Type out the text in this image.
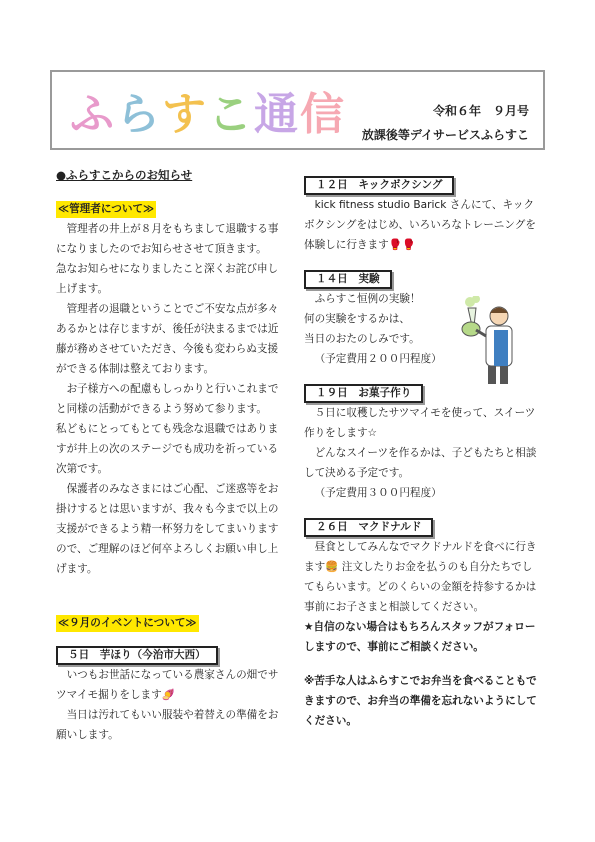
ふらすこ通信	令和６年　９月号
放課後等デイサービスふらすこ
●ふらすこからのお知らせ
≪管理者について≫

管理者の井上が８月をもちまして退職する事になりましたのでお知らせさせて頂きます。

急なお知らせになりましたこと深くお詫び申し上げます。

管理者の退職ということでご不安な点が多々あるかとは存じますが、後任が決まるまでは近藤が務めさせていただき、今後も変わらぬ支援ができる体制は整えております。

お子様方への配慮もしっかりと行いこれまでと同様の活動ができるよう努めて参ります。

私どもにとってもとても残念な退職ではありますが井上の次のステージでも成功を祈っている次第です。

保護者のみなさまにはご心配、ご迷惑等をお掛けするとは思いますが、我々も今まで以上の支援ができるよう精一杯努力をしてまいりますので、ご理解のほど何卒よろしくお願い申し上げます。

≪９月のイベントについて≫
５日　芋ほり（今治市大西）

いつもお世話になっている農家さんの畑でサツマイモ掘りをします🍠

当日は汚れてもいい服装や着替えの準備をお願いします。

１２日　キックボクシング

kick fitness studio Barick さんにて、キックボクシングをはじめ、いろいろなトレーニングを体験しに行きます🥊🥊

１４日　実験

ふらすこ恒例の実験！

何の実験をするかは、

当日のおたのしみです。

（予定費用２００円程度）

１９日　お菓子作り

５日に収穫したサツマイモを使って、スイーツ作りをします☆

どんなスイーツを作るかは、子どもたちと相談して決める予定です。

（予定費用３００円程度）

２６日　マクドナルド

昼食としてみんなでマクドナルドを食べに行きます🍔 注文したりお金を払うのも自分たちでしてもらいます。どのくらいの金額を持参するかは事前にお子さまと相談してください。

★自信のない場合はもちろんスタッフがフォローしますので、事前にご相談ください。

※苦手な人はふらすこでお弁当を食べることもできますので、お弁当の準備を忘れないようにしてください。
